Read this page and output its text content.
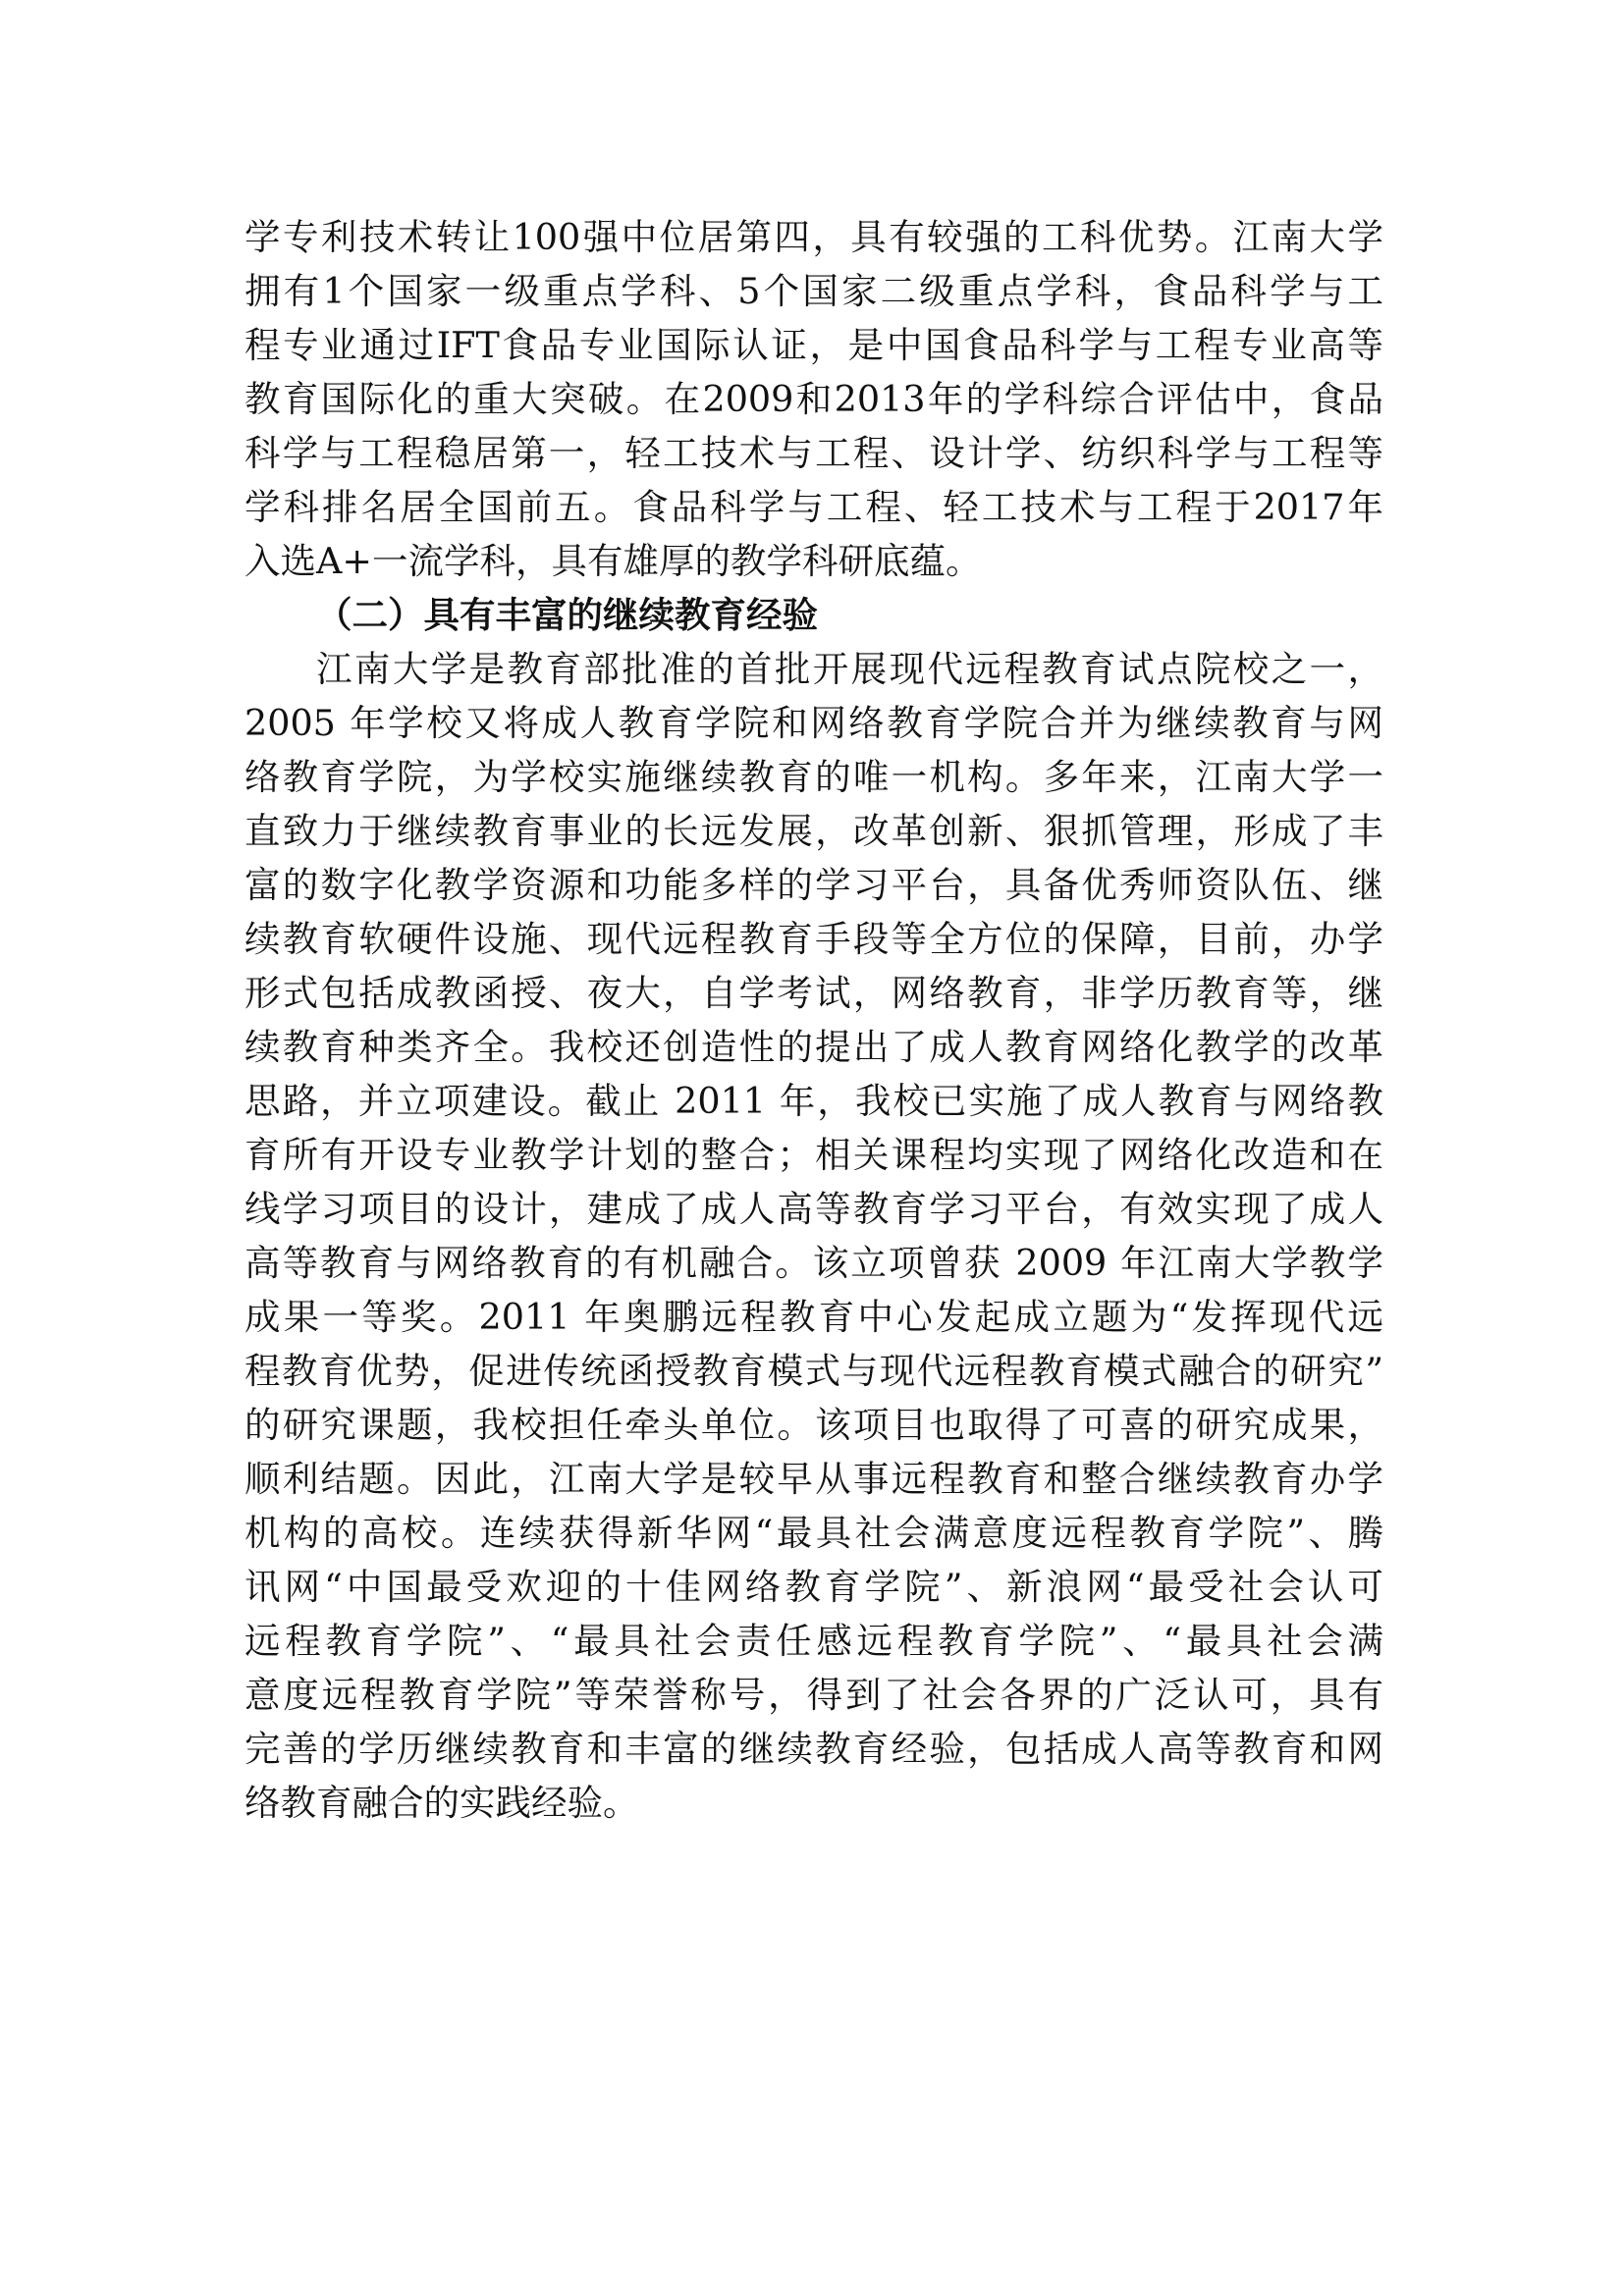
学专利技术转让100强中位居第四，具有较强的工科优势。江南大学
拥有1个国家一级重点学科、5个国家二级重点学科，食品科学与工
程专业通过IFT食品专业国际认证，是中国食品科学与工程专业高等
教育国际化的重大突破。在2009和2013年的学科综合评估中，食品
科学与工程稳居第一，轻工技术与工程、设计学、纺织科学与工程等
学科排名居全国前五。食品科学与工程、轻工技术与工程于2017年
入选A+一流学科，具有雄厚的教学科研底蕴。
（二）具有丰富的继续教育经验
江南大学是教育部批准的首批开展现代远程教育试点院校之一，
2005 年学校又将成人教育学院和网络教育学院合并为继续教育与网
络教育学院，为学校实施继续教育的唯一机构。多年来，江南大学一
直致力于继续教育事业的长远发展，改革创新、狠抓管理，形成了丰
富的数字化教学资源和功能多样的学习平台，具备优秀师资队伍、继
续教育软硬件设施、现代远程教育手段等全方位的保障，目前，办学
形式包括成教函授、夜大，自学考试，网络教育，非学历教育等，继
续教育种类齐全。我校还创造性的提出了成人教育网络化教学的改革
思路，并立项建设。截止 2011 年，我校已实施了成人教育与网络教
育所有开设专业教学计划的整合；相关课程均实现了网络化改造和在
线学习项目的设计，建成了成人高等教育学习平台，有效实现了成人
高等教育与网络教育的有机融合。该立项曾获 2009 年江南大学教学
成果一等奖。2011 年奥鹏远程教育中心发起成立题为“发挥现代远
程教育优势，促进传统函授教育模式与现代远程教育模式融合的研究”
的研究课题，我校担任牵头单位。该项目也取得了可喜的研究成果，
顺利结题。因此，江南大学是较早从事远程教育和整合继续教育办学
机构的高校。连续获得新华网“最具社会满意度远程教育学院”、腾
讯网“中国最受欢迎的十佳网络教育学院”、新浪网“最受社会认可
远程教育学院”、“最具社会责任感远程教育学院”、“最具社会满
意度远程教育学院”等荣誉称号，得到了社会各界的广泛认可，具有
完善的学历继续教育和丰富的继续教育经验，包括成人高等教育和网
络教育融合的实践经验。
